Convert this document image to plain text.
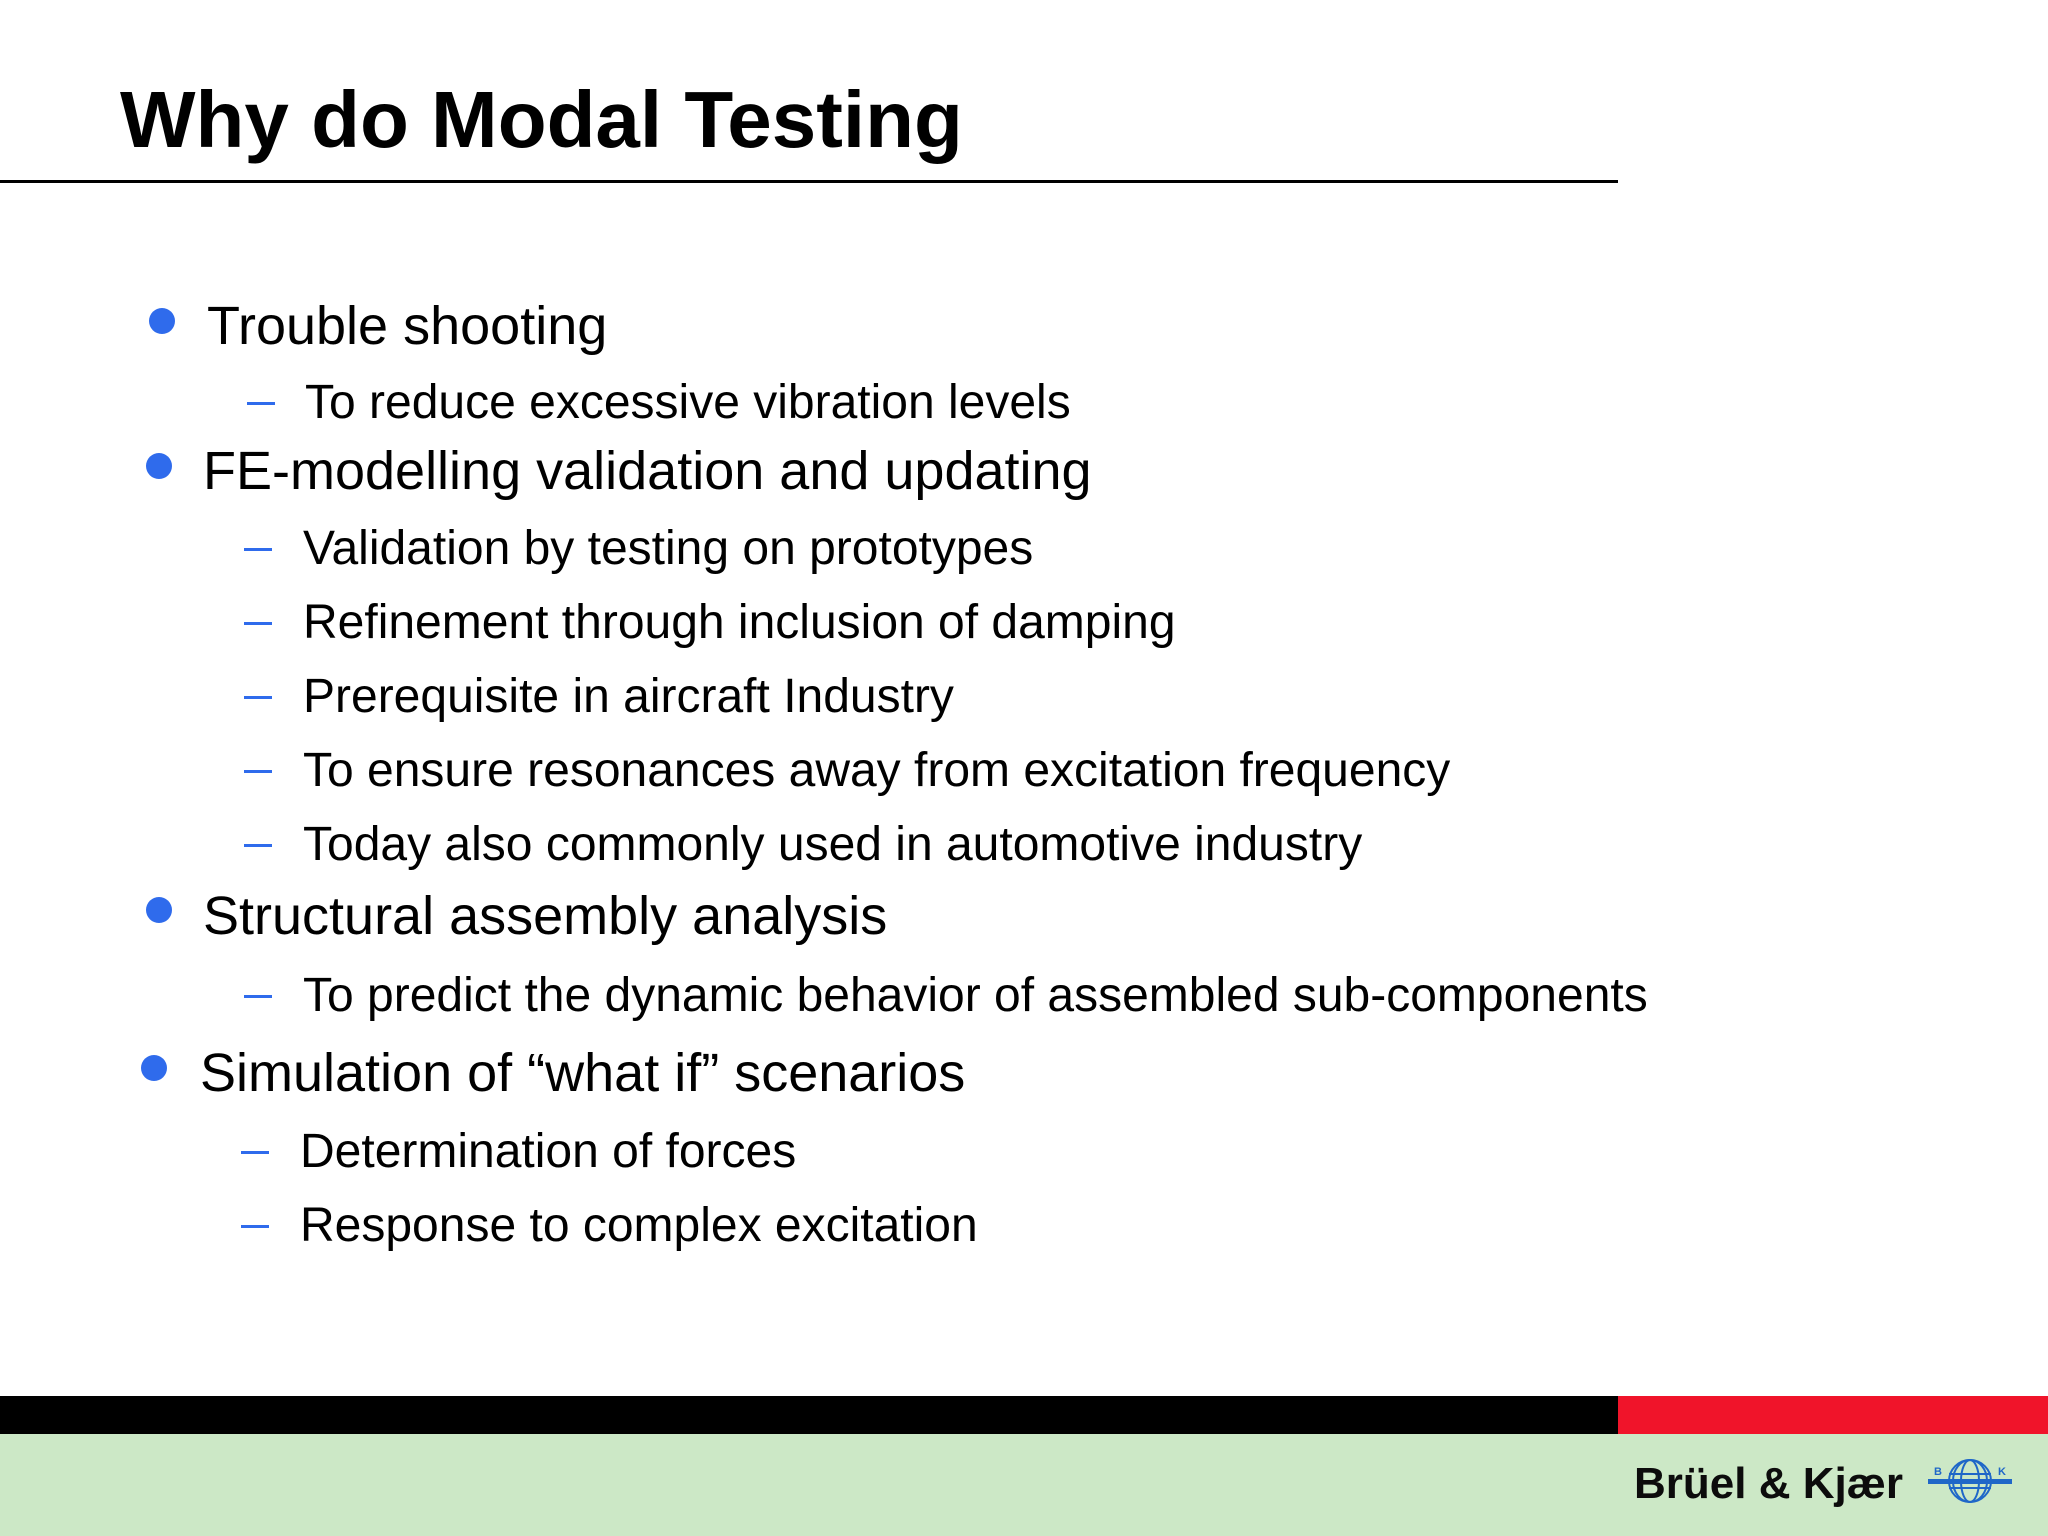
Why do Modal Testing
Trouble shooting
To reduce excessive vibration levels
FE-modelling validation and updating
Validation by testing on prototypes
Refinement through inclusion of damping
Prerequisite in aircraft Industry
To ensure resonances away from excitation frequency
Today also commonly used in automotive industry
Structural assembly analysis
To predict the dynamic behavior of assembled sub-components
Simulation of “what if” scenarios
Determination of forces
Response to complex excitation
Brüel & Kjær	B	K
